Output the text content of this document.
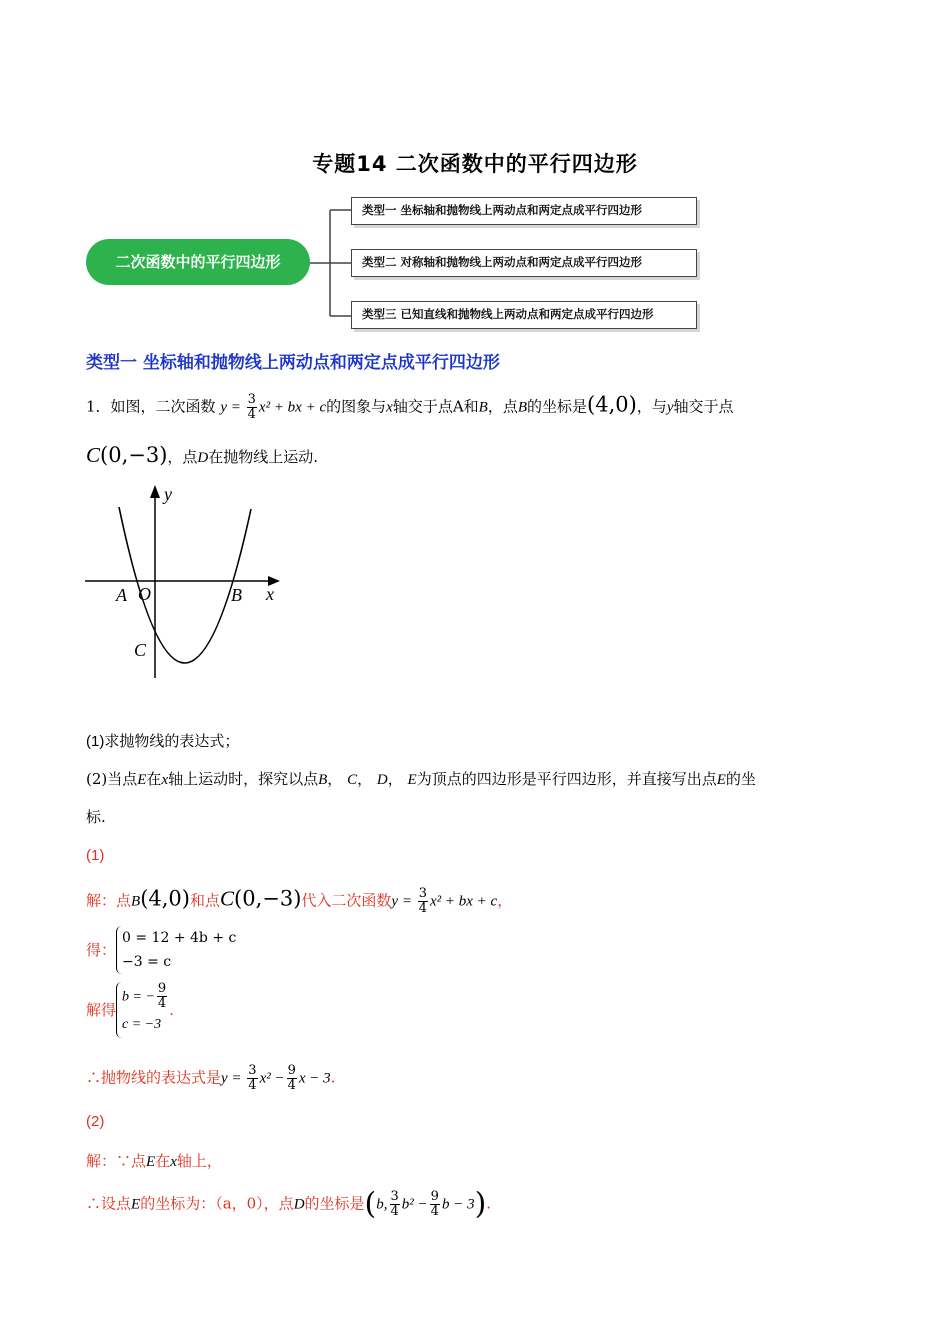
专题14 二次函数中的平行四边形
二次函数中的平行四边形
类型一 坐标轴和抛物线上两动点和两定点成平行四边形
类型二 对称轴和抛物线上两动点和两定点成平行四边形
类型三 已知直线和抛物线上两动点和两定点成平行四边形
类型一 坐标轴和抛物线上两动点和两定点成平行四边形
1．如图，二次函数 $y = \frac{3}{4} x^2$ + bx + c的图象与x轴交于点A和B，点B的坐标是(4,0)，与y轴交于点
C(0,−3)，点D在抛物线上运动.
y
x
A O	B
C
(1)求抛物线的表达式；
(2)当点E在x轴上运动时，探究以点B， C， D， E为顶点的四边形是平行四边形，并直接写出点E的坐
标.
(1)
解：点B(4,0)和点C(0,−3)代入二次函数$y = \frac{3}{4} x^2$ + bx + c，
得：
0 = 12 + 4b + c
−3 = c
解得
b = − $\frac{9}{4}$
c = −3
.
∴抛物线的表达式是$y = \frac{3}{4} x^2 - \frac{9}{4}$ x − 3.
(2)
解：∵点E在x轴上，
∴设点E的坐标为：（a，0），点D的坐标是(b, $\frac{3}{4} b^2 - \frac{9}{4}$ b − 3).
